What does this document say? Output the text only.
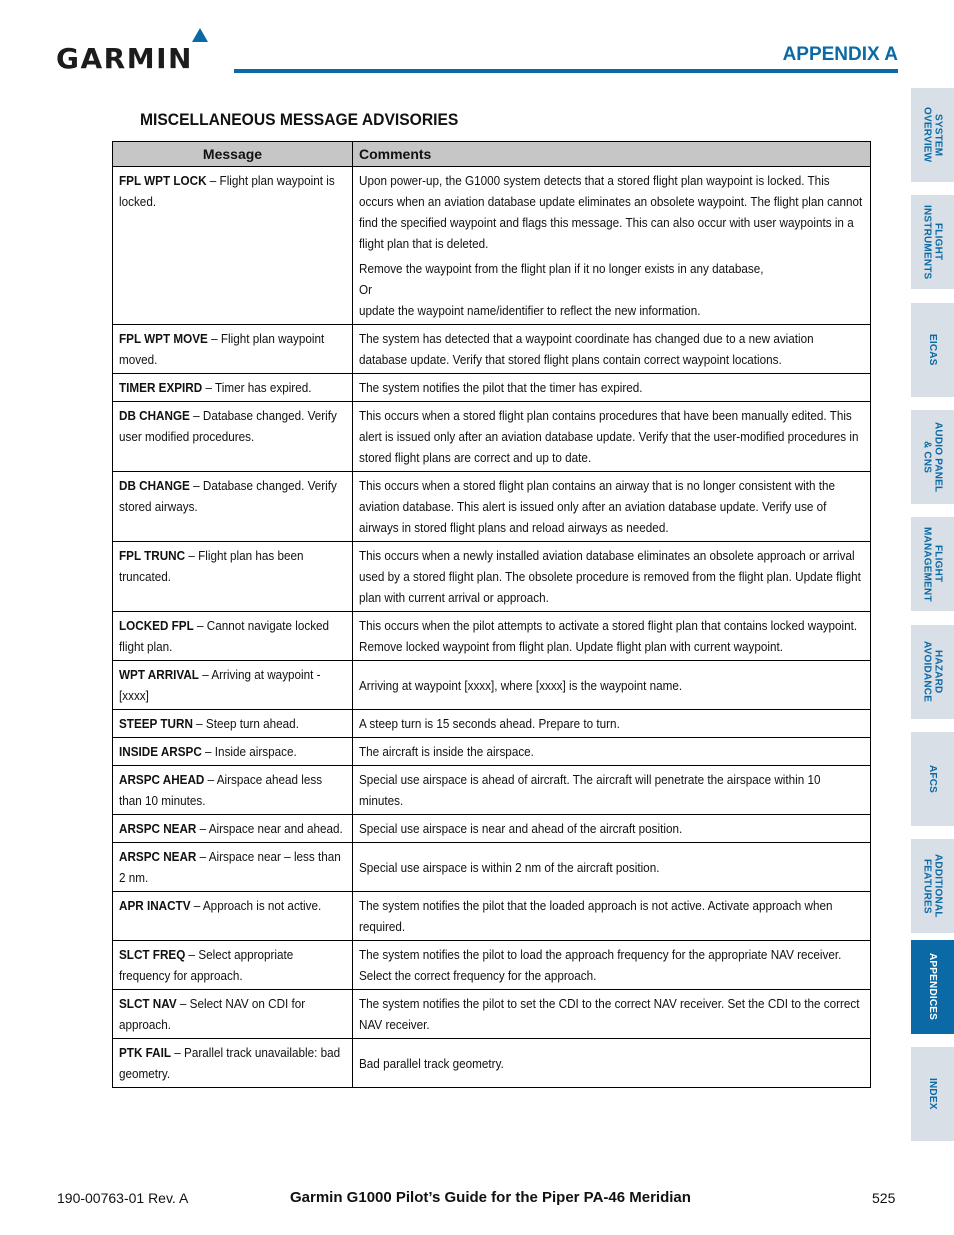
GARMIN	APPENDIX A
MISCELLANEOUS MESSAGE ADVISORIES
Message	Comments
FPL WPT LOCK – Flight plan waypoint is locked.	Upon power-up, the G1000 system detects that a stored flight plan waypoint is locked. This occurs when an aviation database update eliminates an obsolete waypoint. The flight plan cannot find the specified waypoint and flags this message. This can also occur with user waypoints in a flight plan that is deleted.

Remove the waypoint from the flight plan if it no longer exists in any database,
Or
update the waypoint name/identifier to reflect the new information.

FPL WPT MOVE – Flight plan waypoint moved.	The system has detected that a waypoint coordinate has changed due to a new aviation database update. Verify that stored flight plans contain correct waypoint locations.

TIMER EXPIRD – Timer has expired.	The system notifies the pilot that the timer has expired.

DB CHANGE – Database changed. Verify user modified procedures.	This occurs when a stored flight plan contains procedures that have been manually edited. This alert is issued only after an aviation database update. Verify that the user-modified procedures in stored flight plans are correct and up to date.

DB CHANGE – Database changed. Verify stored airways.	This occurs when a stored flight plan contains an airway that is no longer consistent with the aviation database. This alert is issued only after an aviation database update. Verify use of airways in stored flight plans and reload airways as needed.

FPL TRUNC – Flight plan has been truncated.	This occurs when a newly installed aviation database eliminates an obsolete approach or arrival used by a stored flight plan. The obsolete procedure is removed from the flight plan. Update flight plan with current arrival or approach.

LOCKED FPL – Cannot navigate locked flight plan.	This occurs when the pilot attempts to activate a stored flight plan that contains locked waypoint. Remove locked waypoint from flight plan. Update flight plan with current waypoint.

WPT ARRIVAL – Arriving at waypoint -[xxxx]	Arriving at waypoint [xxxx], where [xxxx] is the waypoint name.

STEEP TURN – Steep turn ahead.	A steep turn is 15 seconds ahead. Prepare to turn.

INSIDE ARSPC – Inside airspace.	The aircraft is inside the airspace.

ARSPC AHEAD – Airspace ahead less than 10 minutes.	Special use airspace is ahead of aircraft. The aircraft will penetrate the airspace within 10 minutes.

ARSPC NEAR – Airspace near and ahead.	Special use airspace is near and ahead of the aircraft position.

ARSPC NEAR – Airspace near – less than 2 nm.	Special use airspace is within 2 nm of the aircraft position.

APR INACTV – Approach is not active.	The system notifies the pilot that the loaded approach is not active. Activate approach when required.

SLCT FREQ – Select appropriate frequency for approach.	The system notifies the pilot to load the approach frequency for the appropriate NAV receiver. Select the correct frequency for the approach.

SLCT NAV – Select NAV on CDI for approach.	The system notifies the pilot to set the CDI to the correct NAV receiver. Set the CDI to the correct NAV receiver.

PTK FAIL – Parallel track unavailable: bad geometry.	Bad parallel track geometry.

SYSTEM
OVERVIEW
FLIGHT
INSTRUMENTS
EICAS
AUDIO PANEL
& CNS
FLIGHT
MANAGEMENT
HAZARD
AVOIDANCE
AFCS
ADDITIONAL
FEATURES
APPENDICES
INDEX
190-00763-01 Rev. A	Garmin G1000 Pilot’s Guide for the Piper PA-46 Meridian	525
